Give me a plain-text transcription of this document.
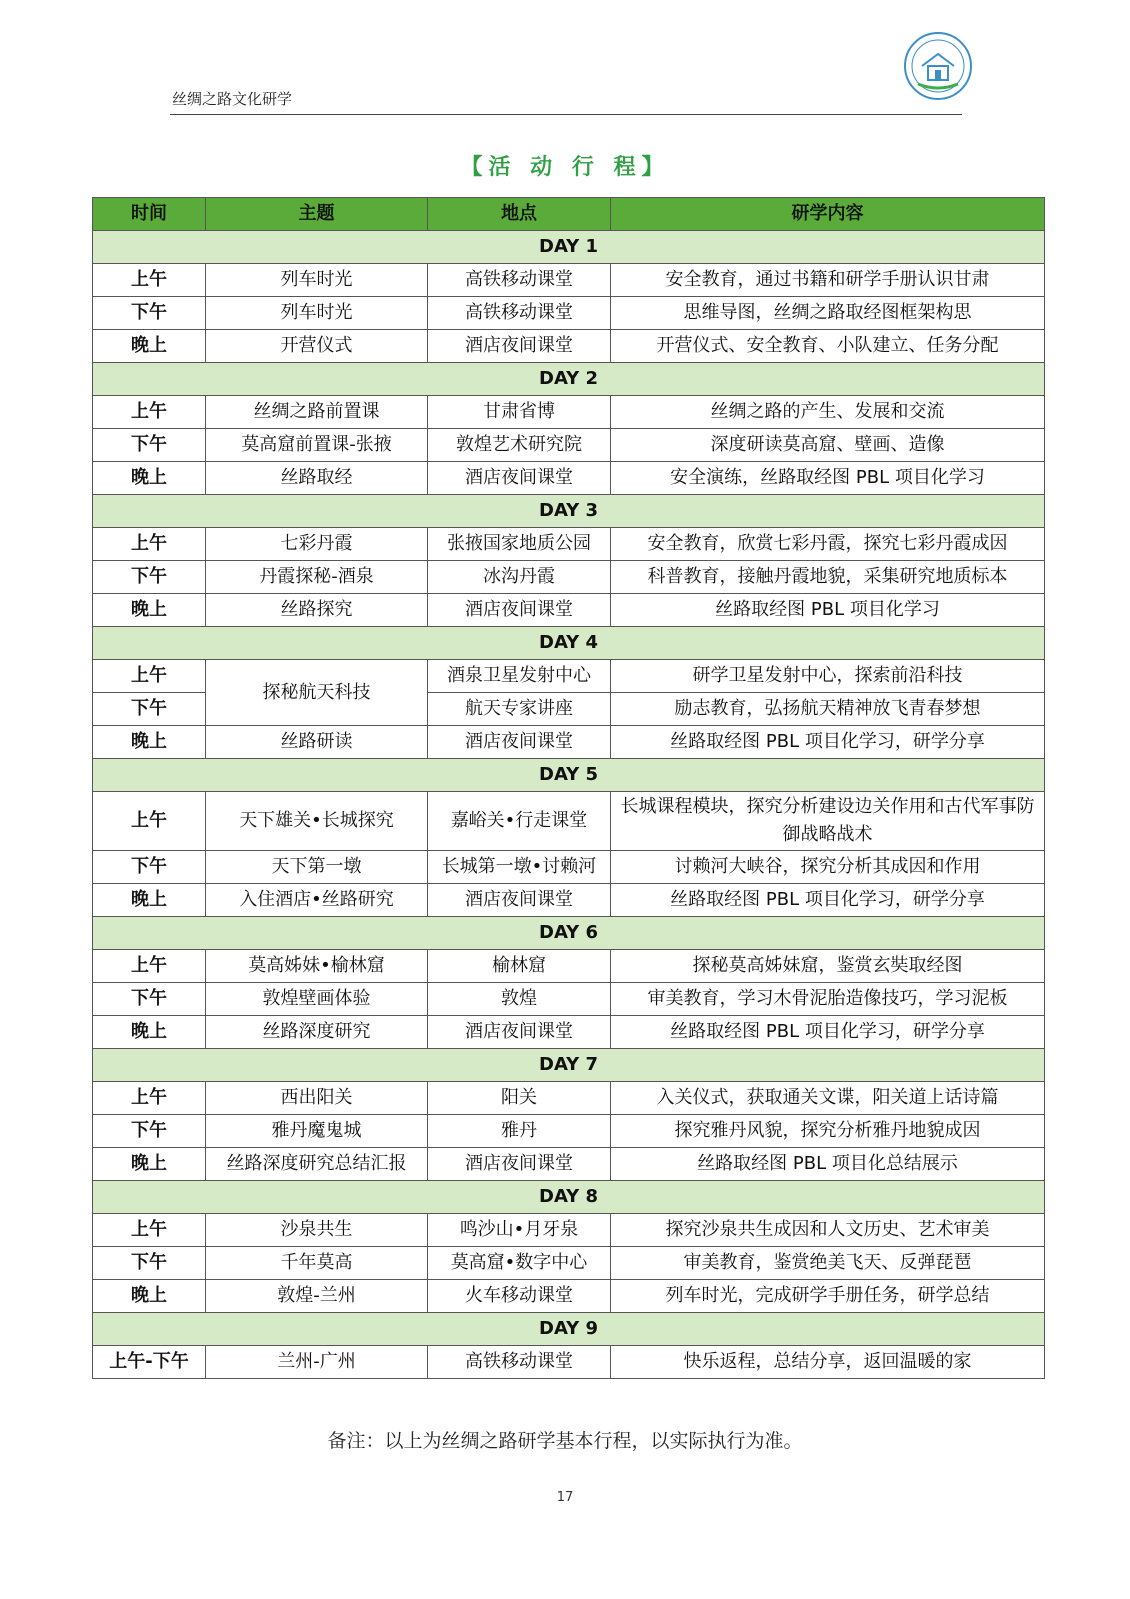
丝绸之路文化研学
【活 动 行 程】
时间	主题	地点	研学内容
DAY 1			
上午	列车时光	高铁移动课堂	安全教育，通过书籍和研学手册认识甘肃
下午	列车时光	高铁移动课堂	思维导图，丝绸之路取经图框架构思
晚上	开营仪式	酒店夜间课堂	开营仪式、安全教育、小队建立、任务分配
DAY 2			
上午	丝绸之路前置课	甘肃省博	丝绸之路的产生、发展和交流
下午	莫高窟前置课-张掖	敦煌艺术研究院	深度研读莫高窟、壁画、造像
晚上	丝路取经	酒店夜间课堂	安全演练，丝路取经图 PBL 项目化学习
DAY 3			
上午	七彩丹霞	张掖国家地质公园	安全教育，欣赏七彩丹霞，探究七彩丹霞成因
下午	丹霞探秘-酒泉	冰沟丹霞	科普教育，接触丹霞地貌，采集研究地质标本
晚上	丝路探究	酒店夜间课堂	丝路取经图 PBL 项目化学习
DAY 4			
上午	探秘航天科技	酒泉卫星发射中心	研学卫星发射中心，探索前沿科技
下午		航天专家讲座	励志教育，弘扬航天精神放飞青春梦想
晚上	丝路研读	酒店夜间课堂	丝路取经图 PBL 项目化学习，研学分享
DAY 5			
上午	天下雄关•长城探究	嘉峪关•行走课堂	长城课程模块，探究分析建设边关作用和古代军事防御战略战术
下午	天下第一墩	长城第一墩•讨赖河	讨赖河大峡谷，探究分析其成因和作用
晚上	入住酒店•丝路研究	酒店夜间课堂	丝路取经图 PBL 项目化学习，研学分享
DAY 6			
上午	莫高姊妹•榆林窟	榆林窟	探秘莫高姊妹窟，鉴赏玄奘取经图
下午	敦煌壁画体验	敦煌	审美教育，学习木骨泥胎造像技巧，学习泥板
晚上	丝路深度研究	酒店夜间课堂	丝路取经图 PBL 项目化学习，研学分享
DAY 7			
上午	西出阳关	阳关	入关仪式，获取通关文谍，阳关道上话诗篇
下午	雅丹魔鬼城	雅丹	探究雅丹风貌，探究分析雅丹地貌成因
晚上	丝路深度研究总结汇报	酒店夜间课堂	丝路取经图 PBL 项目化总结展示
DAY 8			
上午	沙泉共生	鸣沙山•月牙泉	探究沙泉共生成因和人文历史、艺术审美
下午	千年莫高	莫高窟•数字中心	审美教育，鉴赏绝美飞天、反弹琵琶
晚上	敦煌-兰州	火车移动课堂	列车时光，完成研学手册任务，研学总结
DAY 9			
上午-下午	兰州-广州	高铁移动课堂	快乐返程，总结分享，返回温暖的家
备注：以上为丝绸之路研学基本行程，以实际执行为准。
17
